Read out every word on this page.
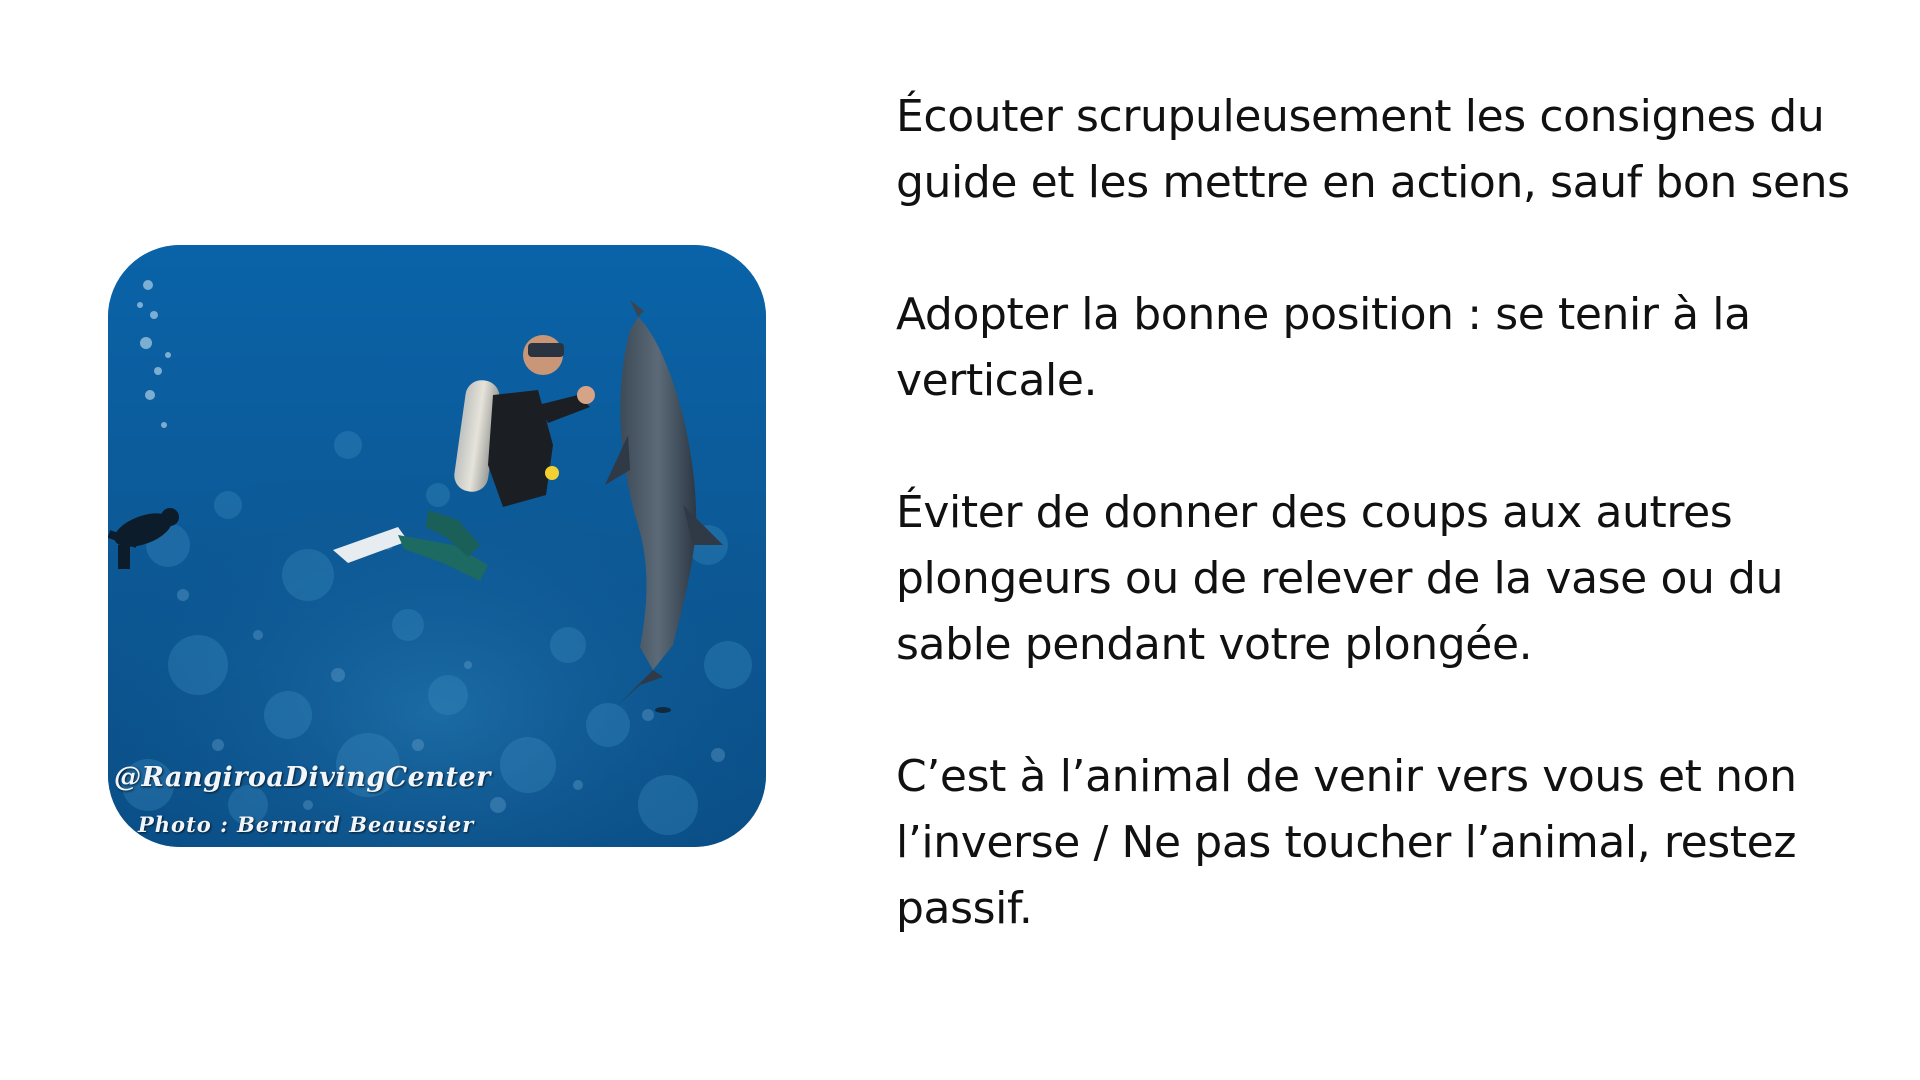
@RangiroaDivingCenter
Photo : Bernard Beaussier

Écouter scrupuleusement les consignes du guide et les mettre en action, sauf bon sens

Adopter la bonne position : se tenir à la verticale.

Éviter de donner des coups aux autres plongeurs ou de relever de la vase ou du sable pendant votre plongée.

C’est à l’animal de venir vers vous et non l’inverse / Ne pas toucher l’animal, restez passif.
